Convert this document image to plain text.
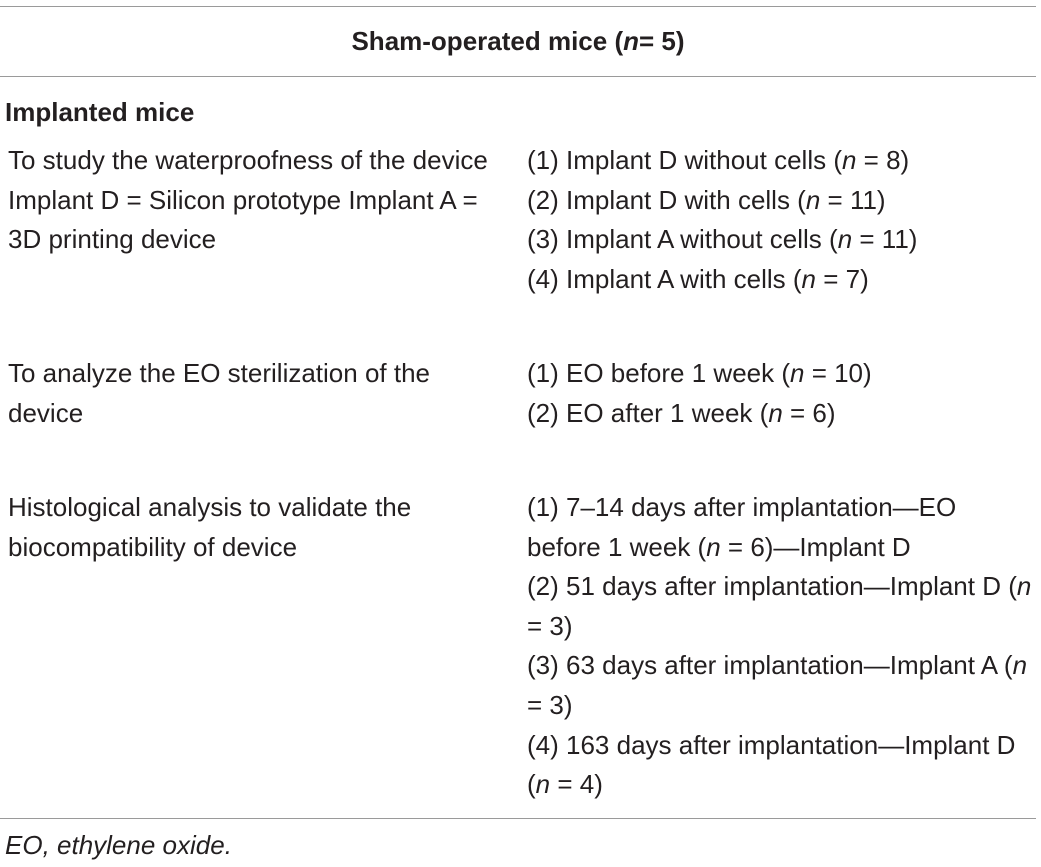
Sham-operated mice ( n = 5)
Implanted mice
To study the waterproofness of the device Implant D = Silicon prototype Implant A = 3D printing device
(1) Implant D without cells (n = 8)
(2) Implant D with cells (n = 11)
(3) Implant A without cells (n = 11)
(4) Implant A with cells (n = 7)
To analyze the EO sterilization of the device
(1) EO before 1 week (n = 10)
(2) EO after 1 week (n = 6)
Histological analysis to validate the biocompatibility of device
(1) 7–14 days after implantation—EO before 1 week (n = 6)—Implant D
(2) 51 days after implantation—Implant D (n = 3)
(3) 63 days after implantation—Implant A (n = 3)
(4) 163 days after implantation—Implant D (n = 4)
EO, ethylene oxide.
